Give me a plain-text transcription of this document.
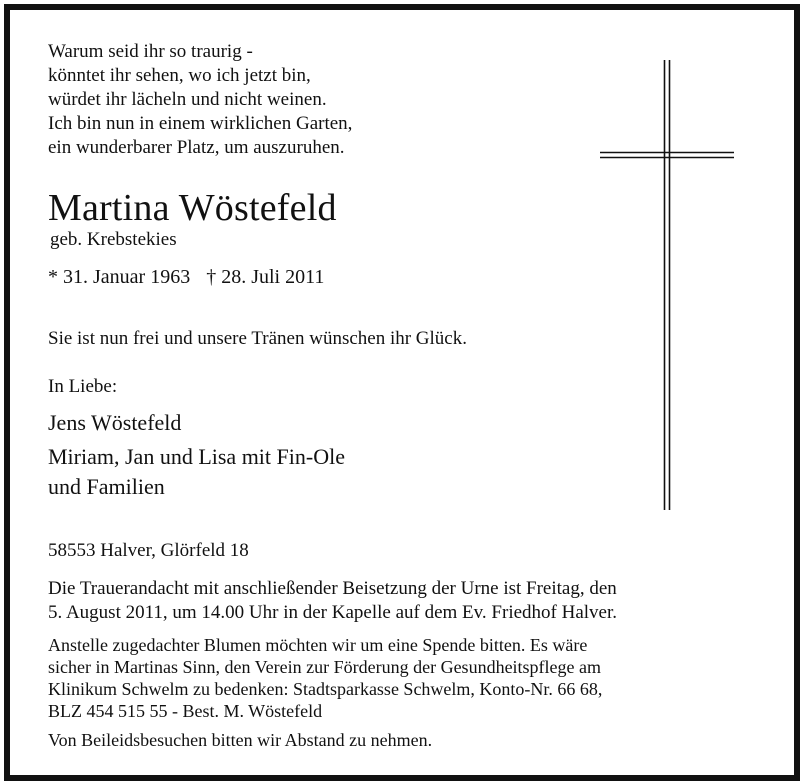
Warum seid ihr so traurig -
könntet ihr sehen, wo ich jetzt bin,
würdet ihr lächeln und nicht weinen.
Ich bin nun in einem wirklichen Garten,
ein wunderbarer Platz, um auszuruhen.
Martina Wöstefeld
geb. Krebstekies
* 31. Januar 1963 † 28. Juli 2011
Sie ist nun frei und unsere Tränen wünschen ihr Glück.
In Liebe:
Jens Wöstefeld
Miriam, Jan und Lisa mit Fin-Ole
und Familien
58553 Halver, Glörfeld 18
Die Trauerandacht mit anschließender Beisetzung der Urne ist Freitag, den
5. August 2011, um 14.00 Uhr in der Kapelle auf dem Ev. Friedhof Halver.
Anstelle zugedachter Blumen möchten wir um eine Spende bitten. Es wäre
sicher in Martinas Sinn, den Verein zur Förderung der Gesundheitspflege am
Klinikum Schwelm zu bedenken: Stadtsparkasse Schwelm, Konto-Nr. 66 68,
BLZ 454 515 55 - Best. M. Wöstefeld
Von Beileidsbesuchen bitten wir Abstand zu nehmen.
